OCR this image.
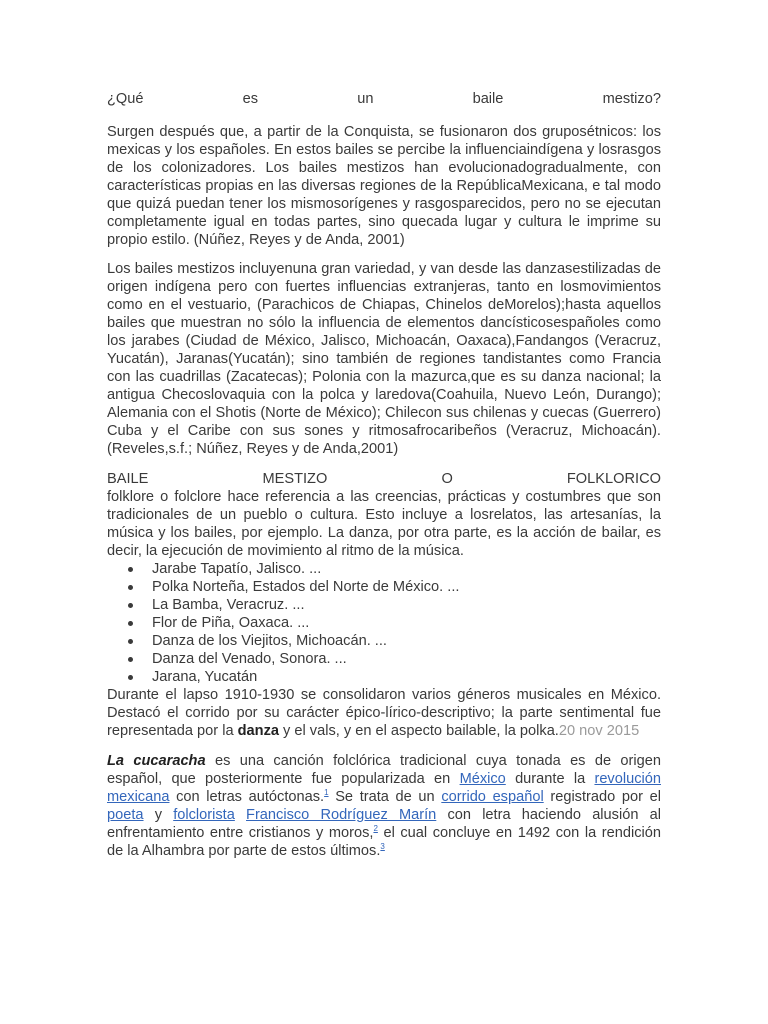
¿Qué	es	un	baile	mestizo?

Surgen después que, a partir de la Conquista, se fusionaron dos gruposétnicos: los mexicas y los españoles. En estos bailes se percibe la influenciaindígena y losrasgos de los colonizadores. Los bailes mestizos han evolucionadogradualmente, con características propias en las diversas regiones de la RepúblicaMexicana, e tal modo que quizá puedan tener los mismosorígenes y rasgosparecidos, pero no se ejecutan completamente igual en todas partes, sino quecada lugar y cultura le imprime su propio estilo. (Núñez, Reyes y de Anda, 2001)

Los bailes mestizos incluyenuna gran variedad, y van desde las danzasestilizadas de origen indígena pero con fuertes influencias extranjeras, tanto en losmovimientos como en el vestuario, (Parachicos de Chiapas, Chinelos deMorelos);hasta aquellos bailes que muestran no sólo la influencia de elementos dancísticosespañoles como los jarabes (Ciudad de México, Jalisco, Michoacán, Oaxaca),Fandangos (Veracruz, Yucatán), Jaranas(Yucatán); sino también de regiones tandistantes como Francia con las cuadrillas (Zacatecas); Polonia con la mazurca,que es su danza nacional; la antigua Checoslovaquia con la polca y laredova(Coahuila, Nuevo León, Durango); Alemania con el Shotis (Norte de México); Chilecon sus chilenas y cuecas (Guerrero) Cuba y el Caribe con sus sones y ritmosafrocaribeños (Veracruz, Michoacán). (Reveles,s.f.; Núñez, Reyes y de Anda,2001)

BAILE	MESTIZO	O	FOLKLORICO

folklore o folclore hace referencia a las creencias, prácticas y costumbres que son tradicionales de un pueblo o cultura. Esto incluye a losrelatos, las artesanías, la música y los bailes, por ejemplo. La danza, por otra parte, es la acción de bailar, es decir, la ejecución de movimiento al ritmo de la música.

Jarabe Tapatío, Jalisco. ...
Polka Norteña, Estados del Norte de México. ...
La Bamba, Veracruz. ...
Flor de Piña, Oaxaca. ...
Danza de los Viejitos, Michoacán. ...
Danza del Venado, Sonora. ...
Jarana, Yucatán

Durante el lapso 1910-1930 se consolidaron varios géneros musicales en México. Destacó el corrido por su carácter épico-lírico-descriptivo; la parte sentimental fue representada por la danza y el vals, y en el aspecto bailable, la polka.20 nov 2015

La cucaracha es una canción folclórica tradicional cuya tonada es de origen español, que posteriormente fue popularizada en México durante la revolución mexicana con letras autóctonas.$^1$ Se trata de un corrido español registrado por el poeta y folclorista Francisco Rodríguez Marín con letra haciendo alusión al enfrentamiento entre cristianos y moros,$^2$ el cual concluye en 1492 con la rendición de la Alhambra por parte de estos últimos.$^3$
